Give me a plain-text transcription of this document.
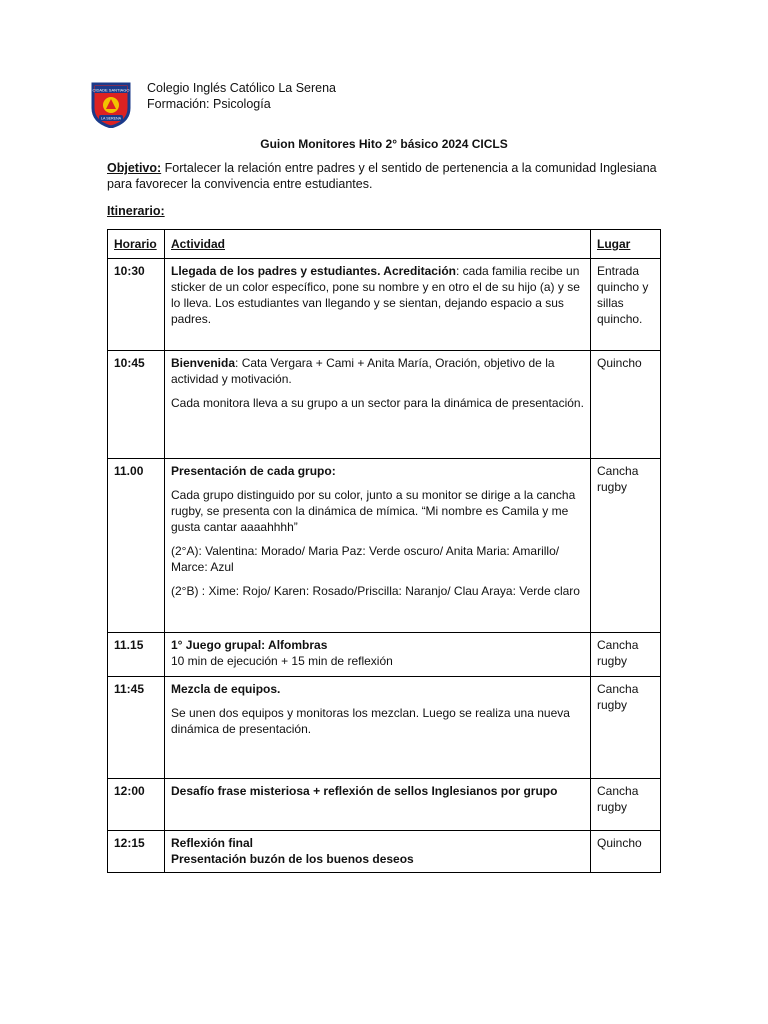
CIDADE SANTIAGO
LA SERENA
Colegio Inglés Católico La Serena
Formación: Psicología
Guion Monitores Hito 2° básico 2024 CICLS
Objetivo: Fortalecer la relación entre padres y el sentido de pertenencia a la comunidad Inglesiana para favorecer la convivencia entre estudiantes.
Itinerario:
Horario	Actividad	Lugar
10:30	Llegada de los padres y estudiantes. Acreditación: cada familia recibe un sticker de un color específico, pone su nombre y en otro el de su hijo (a) y se lo lleva. Los estudiantes van llegando y se sientan, dejando espacio a sus padres.	Entrada quincho y sillas quincho.
10:45	Bienvenida: Cata Vergara + Cami + Anita María, Oración, objetivo de la actividad y motivación.

Cada monitora lleva a su grupo a un sector para la dinámica de presentación.	Quincho
11.00	Presentación de cada grupo:

Cada grupo distinguido por su color, junto a su monitor se dirige a la cancha rugby, se presenta con la dinámica de mímica. “Mi nombre es Camila y me gusta cantar aaaahhhh”

(2°A): Valentina: Morado/ Maria Paz: Verde oscuro/ Anita Maria: Amarillo/ Marce: Azul

(2°B) : Xime: Rojo/ Karen: Rosado/Priscilla: Naranjo/ Clau Araya: Verde claro	Cancha rugby
11.15	1° Juego grupal: Alfombras
10 min de ejecución + 15 min de reflexión	Cancha rugby
11:45	Mezcla de equipos.

Se unen dos equipos y monitoras los mezclan. Luego se realiza una nueva dinámica de presentación.	Cancha rugby
12:00	Desafío frase misteriosa + reflexión de sellos Inglesianos por grupo	Cancha rugby
12:15	Reflexión final
Presentación buzón de los buenos deseos	Quincho
